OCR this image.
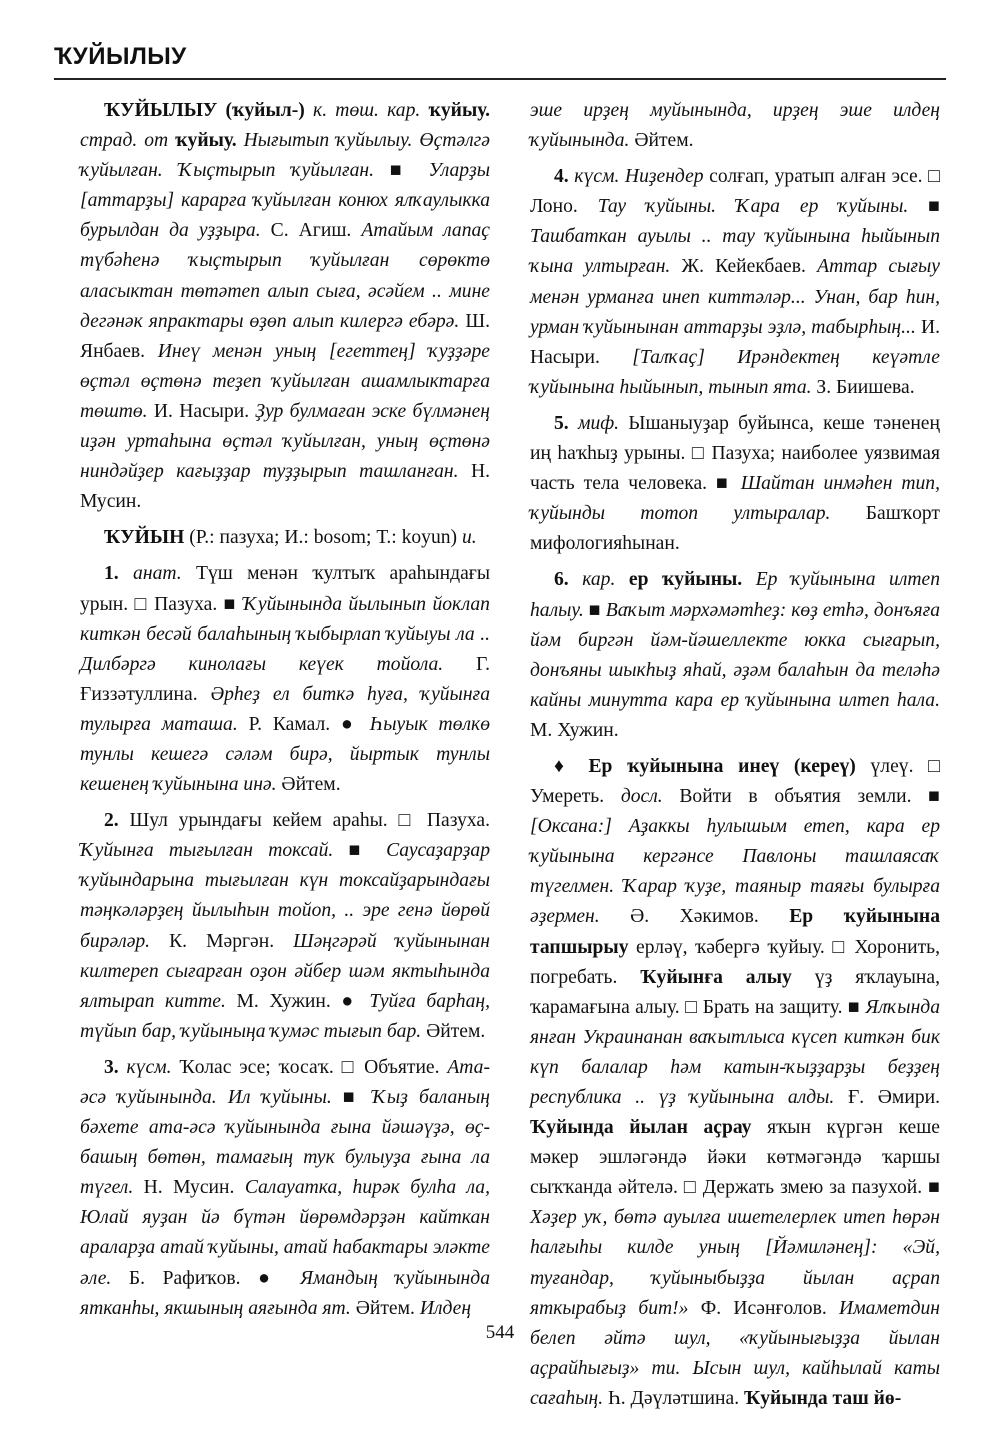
ҠУЙЫЛЫУ

ҠУЙЫЛЫУ (ҡуйыл-) к. төш. кар. ҡуйыу. страд. от ҡуйыу. Нығытып ҡуйылыу. Өҫтәлгә ҡуйылған. Ҡыҫтырып ҡуйылған. ■ Уларҙы [аттарҙы] карарға ҡуйылған конюх ялҡаулыкка бурылдан да уҙҙыра. С. Агиш. Атайым лапаҫ түбәһенә ҡыҫтырып ҡуйылған сөрөктө аласыктан төтәтеп алып сыға, әсәйем .. мине дегәнәк япрактары өҙөп алып килергә ебәрә. Ш. Янбаев. Инеү менән уның [егеттең] ҡуҙҙәре өҫтәл өҫтөнә теҙеп ҡуйылған ашамлыктарға төштө. И. Насыри. Ҙур булмаған эске бүлмәнең иҙән уртаһына өҫтәл ҡуйылған, уның өҫтөнә ниндәйҙер кағыҙҙар туҙҙырып ташланған. Н. Мусин.

ҠУЙЫН (Р.: пазуха; И.: bosom; Т.: koyun) и.

1. анат. Түш менән ҡултыҡ араһындағы урын. □ Пазуха. ■ Ҡуйынында йылынып йоклап киткән бесәй балаһының ҡыбырлап ҡуйыуы ла .. Дилбәргә кинолағы кеүек тойола. Г. Ғиззәтуллина. Әрһеҙ ел биткә һуға, ҡуйынға тулырға маташа. Р. Камал. ● Һыуык төлкө тунлы кешегә сәләм бирә, йыртык тунлы кешенең ҡуйынына инә. Әйтем.

2. Шул урындағы кейем араһы. □ Пазуха. Ҡуйынға тығылған токсай. ■ Саусаҙарҙар ҡуйындарына тығылған күн токсайҙарындағы тәңкәләрҙең йылыһын тойоп, .. эре генә йөрөй бирәләр. К. Мәргән. Шәңгәрәй ҡуйынынан килтереп сығарған оҙон әйбер шәм яктыһында ялтырап китте. М. Хужин. ● Туйға барһаң, түйып бар, ҡуйыныңа ҡумәс тығып бар. Әйтем.

3. күсм. Ҡолас эсе; ҡосаҡ. □ Объятие. Ата-әсә ҡуйынында. Ил ҡуйыны. ■ Ҡыҙ баланың бәхете ата-әсә ҡуйынында ғына йәшәүҙә, өҫ-башың бөтөн, тамағың тук булыуҙа ғына ла түгел. Н. Мусин. Салауатка, һирәк булһа ла, Юлай яуҙан йә бүтән йөрөмдәрҙән кайткан араларҙа атай ҡуйыны, атай һабактары эләкте әле. Б. Рафиҡов. ● Ямандың ҡуйынында ятканһы, якшының аяғында ят. Әйтем. Илдең

эше ирҙең муйынында, ирҙең эше илдең ҡуйынында. Әйтем.

4. күсм. Ниҙендер солғап, уратып алған эсе. □ Лоно. Тау ҡуйыны. Ҡара ер ҡуйыны. ■ Ташбаткан ауылы .. тау ҡуйынына һыйынып ҡына ултырған. Ж. Кейекбаев. Аттар сығыу менән урманға инеп киттәләр... Унан, бар һин, урман ҡуйынынан аттарҙы эҙлә, табырһың... И. Насыри. [Талҡаҫ] Ирәндектең кеүәтле ҡуйынына һыйынып, тынып ята. З. Биишева.

5. миф. Ышаныуҙар буйынса, кеше тәненең иң һаҡһыҙ урыны. □ Пазуха; наиболее уязвимая часть тела человека. ■ Шайтан инмәһен тип, ҡуйынды тотоп ултыралар. Башҡорт мифологияһынан.

6. кар. ер ҡуйыны. Ер ҡуйынына илтеп һалыу. ■ Ваҡыт мәрхәмәтһеҙ: көҙ етһә, донъяға йәм биргән йәм-йәшеллекте юкка сығарып, донъяны шыкһыҙ яһай, әҙәм балаһын да теләһә кайны минутта кара ер ҡуйынына илтеп һала. М. Хужин.

♦ Ер ҡуйынына инеү (кереү) үлеү. □ Умереть. досл. Войти в объятия земли. ■ [Оксана:] Аҙаккы һулышым етеп, кара ер ҡуйынына кергәнсе Павлоны ташлаясаҡ түгелмен. Ҡарар ҡуҙе, таяныр таяғы булырға әҙермен. Ә. Хәкимов. Ер ҡуйынына тапшырыу ерләү, ҡәбергә ҡуйыу. □ Хоронить, погребать. Ҡуйынға алыу үҙ яҡлауына, ҡарамағына алыу. □ Брать на защиту. ■ Ялҡында янған Украинанан ваҡытлыса күсеп киткән бик күп балалар һәм катын-ҡыҙҙарҙы беҙҙең республика .. үҙ ҡуйынына алды. Ғ. Әмири. Ҡуйында йылан аҫрау яҡын күргән кеше мәкер эшләгәндә йәки көтмәгәндә ҡаршы сыҡҡанда әйтелә. □ Держать змею за пазухой. ■ Хәҙер уҡ, бөтә ауылға ишетелерлек итеп һөрән һалғыһы килде уның [Йәмиләнең]: «Эй, туғандар, ҡуйыныбыҙҙа йылан аҫрап яткырабыҙ бит!» Ф. Исәнғолов. Имаметдин белеп әйтә шул, «ҡуйынығыҙҙа йылан аҫрайһығыҙ» ти. Ысын шул, кайһылай каты сағаһың. Һ. Дәүләтшина. Ҡуйында таш йө-

544
